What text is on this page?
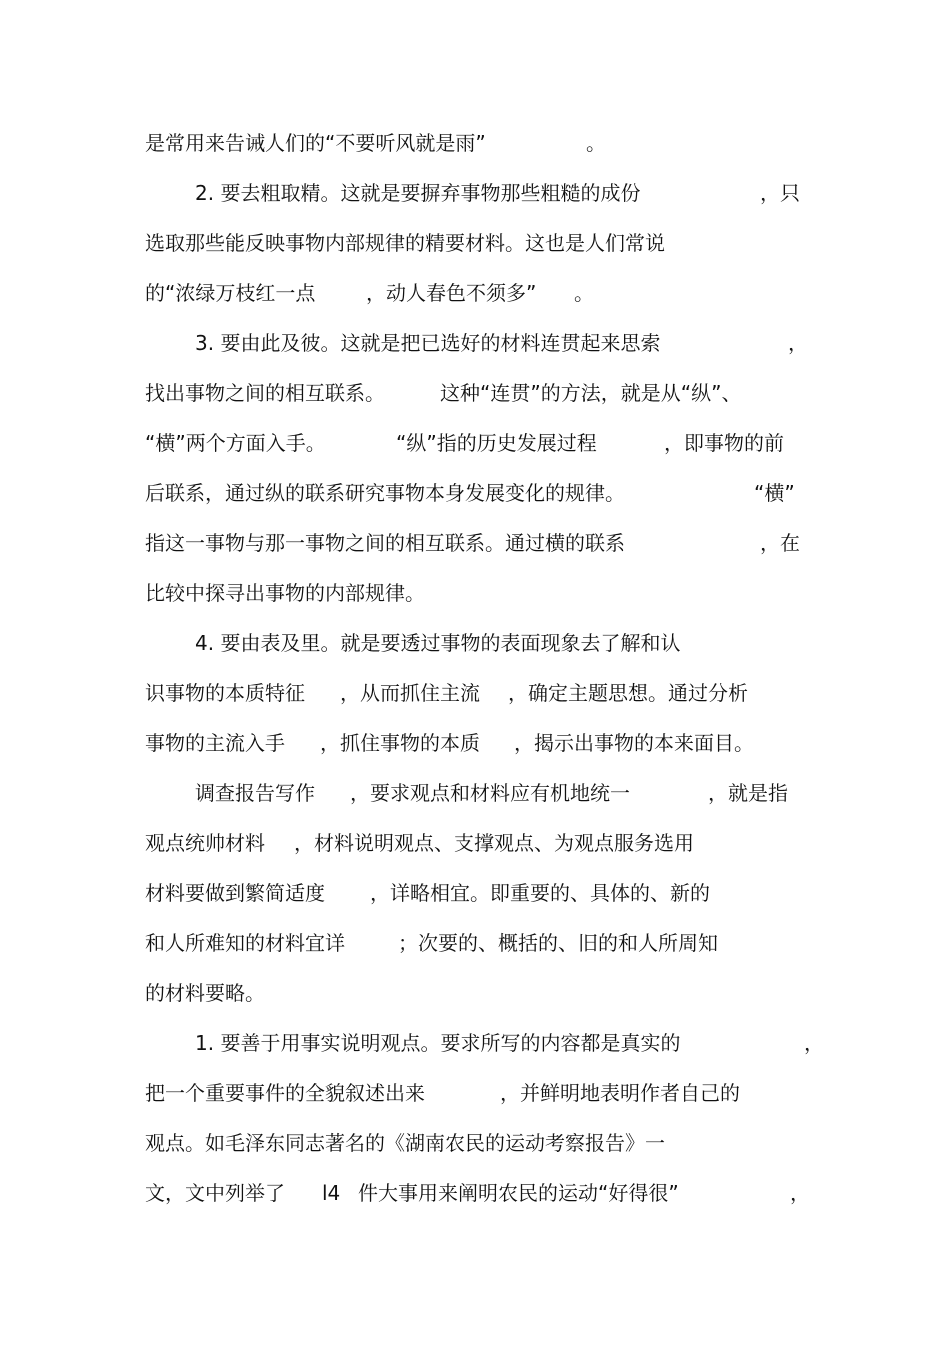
是常用来告诫人们的“不要听风就是雨”	。
2. 要去粗取精。这就是要摒弃事物那些粗糙的成份	，只
选取那些能反映事物内部规律的精要材料。这也是人们常说
的“浓绿万枝红一点	，动人春色不须多” 。
3. 要由此及彼。这就是把已选好的材料连贯起来思索	，
找出事物之间的相互联系。	这种“连贯”的方法，就是从“纵”、
“横”两个方面入手。	“纵”指的历史发展过程	，即事物的前
后联系，通过纵的联系研究事物本身发展变化的规律。	“横”
指这一事物与那一事物之间的相互联系。通过横的联系	，在
比较中探寻出事物的内部规律。
4. 要由表及里。就是要透过事物的表面现象去了解和认
识事物的本质特征 ，从而抓住主流 ，确定主题思想。通过分析
事物的主流入手 ，抓住事物的本质 ，揭示出事物的本来面目。
调查报告写作 ，要求观点和材料应有机地统一	，就是指
观点统帅材料 ，材料说明观点、支撑观点、为观点服务选用
材料要做到繁简适度 ，详略相宜。即重要的、具体的、新的
和人所难知的材料宜详	；次要的、概括的、旧的和人所周知
的材料要略。
1. 要善于用事实说明观点。要求所写的内容都是真实的	，
把一个重要事件的全貌叙述出来	，并鲜明地表明作者自己的
观点。如毛泽东同志著名的《湖南农民的运动考察报告》一
文，文中列举了 l4 件大事用来阐明农民的运动“好得很”	，
